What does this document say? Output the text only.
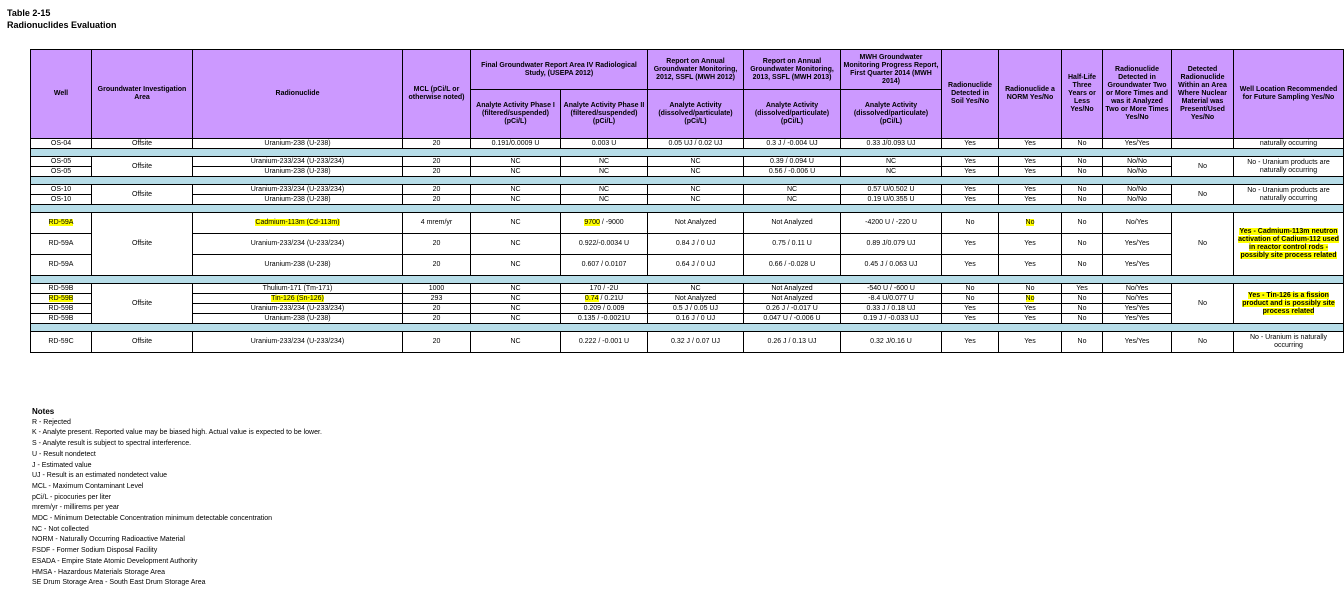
Table 2-15
Radionuclides Evaluation
Well	Groundwater Investigation Area	Radionuclide	MCL (pCi/L or otherwise noted)	Final Groundwater Report Area IV Radiological Study, (USEPA 2012)		Report on Annual Groundwater Monitoring, 2012, SSFL (MWH 2012)	Report on Annual Groundwater Monitoring, 2013, SSFL (MWH 2013)	MWH Groundwater Monitoring Progress Report, First Quarter 2014 (MWH 2014)	Radionuclide Detected in Soil Yes/No	Radionuclide a NORM Yes/No	Half-Life Three Years or Less Yes/No	Radionuclide Detected in Groundwater Two or More Times and was it Analyzed Two or More Times Yes/No	Detected Radionuclide Within an Area Where Nuclear Material was Present/Used Yes/No	Well Location Recommended for Future Sampling Yes/No
				Analyte Activity Phase I (filtered/suspended) (pCi/L)	Analyte Activity Phase II (filtered/suspended) (pCi/L)	Analyte Activity (dissolved/particulate) (pCi/L)	Analyte Activity (dissolved/particulate) (pCi/L)	Analyte Activity (dissolved/particulate) (pCi/L)						
OS-04	Offsite	Uranium-238 (U-238)	20	0.191/0.0009 U	0.003 U	0.05 UJ / 0.02 UJ	0.3 J / -0.004 UJ	0.33 J/0.093 UJ	Yes	Yes	No	Yes/Yes		naturally occurring

OS-05	Offsite	Uranium-233/234 (U-233/234)	20	NC	NC	NC	0.39 / 0.094 U	NC	Yes	Yes	No	No/No	No	No - Uranium products are naturally occurring
OS-05		Uranium-238 (U-238)	20	NC	NC	NC	0.56 / -0.006 U	NC	Yes	Yes	No	No/No		

OS-10	Offsite	Uranium-233/234 (U-233/234)	20	NC	NC	NC	NC	0.57 U/0.502 U	Yes	Yes	No	No/No	No	No - Uranium products are naturally occurring
OS-10		Uranium-238 (U-238)	20	NC	NC	NC	NC	0.19 U/0.355 U	Yes	Yes	No	No/No		

RD-59A	Offsite	Cadmium-113m (Cd-113m)	4 mrem/yr	NC	9700 / -9000	Not Analyzed	Not Analyzed	-4200 U / -220 U	No	No	No	No/Yes	No	Yes - Cadmium-113m neutron activation of Cadium-112 used in reactor control rods - possibly site process related
RD-59A		Uranium-233/234 (U-233/234)	20	NC	0.922/-0.0034 U	0.84 J / 0 UJ	0.75 / 0.11 U	0.89 J/0.079 UJ	Yes	Yes	No	Yes/Yes		
RD-59A		Uranium-238 (U-238)	20	NC	0.607 / 0.0107	0.64 J / 0 UJ	0.66 / -0.028 U	0.45 J / 0.063 UJ	Yes	Yes	No	Yes/Yes		

RD-59B	Offsite	Thulium-171 (Tm-171)	1000	NC	170 / -2U	NC	Not Analyzed	-540 U / -600 U	No	No	Yes	No/Yes	No	Yes - Tin-126 is a fission product and is possibly site process related
RD-59B		Tin-126 (Sn-126)	293	NC	0.74 / 0.21U	Not Analyzed	Not Analyzed	-8.4 U/0.077 U	No	No	No	No/Yes		
RD-59B		Uranium-233/234 (U-233/234)	20	NC	0.209 / 0.009	0.5 J / 0.05 UJ	0.26 J / -0.017 U	0.33 J / 0.18 UJ	Yes	Yes	No	Yes/Yes		
RD-59B		Uranium-238 (U-238)	20	NC	0.135 / -0.0021U	0.16 J / 0 UJ	0.047 U / -0.006 U	0.19 J / -0.033 UJ	Yes	Yes	No	Yes/Yes		

RD-59C	Offsite	Uranium-233/234 (U-233/234)	20	NC	0.222 / -0.001 U	0.32 J / 0.07 UJ	0.26 J / 0.13 UJ	0.32 J/0.16 U	Yes	Yes	No	Yes/Yes	No	No - Uranium is naturally occurring
Notes
R - Rejected
K - Analyte present. Reported value may be biased high. Actual value is expected to be lower.
S - Analyte result is subject to spectral interference.
U - Result nondetect
J - Estimated value
UJ - Result is an estimated nondetect value
MCL - Maximum Contaminant Level
pCi/L - picocuries per liter
mrem/yr - millirems per year
MDC - Minimum Detectable Concentration minimum detectable concentration
NC - Not collected
NORM - Naturally Occurring Radioactive Material
FSDF - Former Sodium Disposal Facility
ESADA - Empire State Atomic Development Authority
HMSA - Hazardous Materials Storage Area
SE Drum Storage Area - South East Drum Storage Area
